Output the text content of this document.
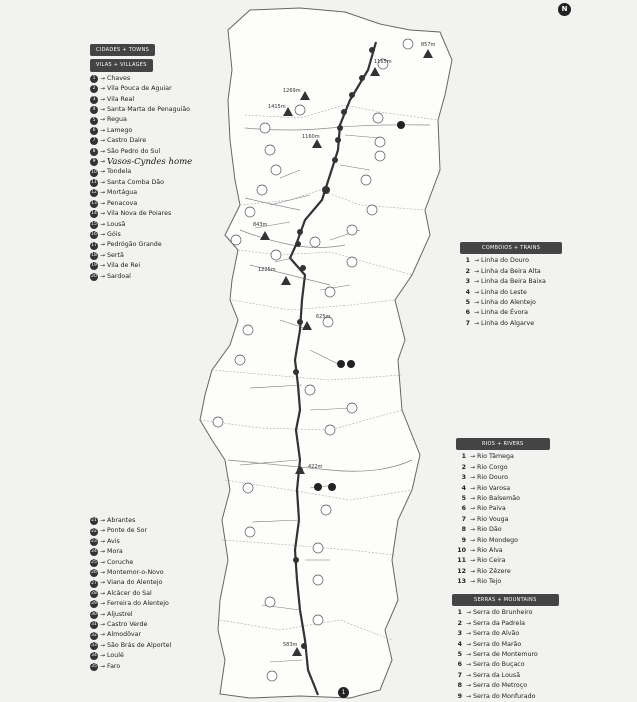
857m
1165m
1269m
1415m
1160m
843m
1225m
625m
422m
583m
N
1
CIDADES + TOWNS
VILAS + VILLAGES
1 → Chaves
2 → Vila Pouca de Aguiar
3 → Vila Real
4 → Santa Marta de Penaguião
5 → Regua
6 → Lamego
7 → Castro Daire
8 → São Pedro do Sul
9 → Vasos-Cyndes home
10 → Tondela
11 → Santa Comba Dão
12 → Mortágua
13 → Penacova
14 → Vila Nova de Poiares
15 → Lousã
16 → Góis
17 → Pedrógão Grande
18 → Sertã
19 → Vila de Rei
20 → Sardoal
21 → Abrantes
22 → Ponte de Sor
23 → Avis
24 → Mora
25 → Coruche
26 → Montemor-o-Novo
27 → Viana do Alentejo
28 → Alcácer do Sal
29 → Ferreira do Alentejo
30 → Aljustrel
31 → Castro Verde
32 → Almodôvar
33 → São Brás de Alportel
34 → Loulé
35 → Faro
COMBOIOS + TRAINS
1 → Linha do Douro
2 → Linha da Beira Alta
3 → Linha da Beira Baixa
4 → Linha do Leste
5 → Linha do Alentejo
6 → Linha de Évora
7 → Linha do Algarve
RIOS + RIVERS
1 → Rio Tâmega
2 → Rio Corgo
3 → Rio Douro
4 → Rio Varosa
5 → Rio Balsemão
6 → Rio Paiva
7 → Rio Vouga
8 → Rio Dão
9 → Rio Mondego
10 → Rio Alva
11 → Rio Ceira
12 → Rio Zêzere
13 → Rio Tejo
SERRAS + MOUNTAINS
1 → Serra do Brunheiro
2 → Serra da Padrela
3 → Serra do Alvão
4 → Serra do Marão
5 → Serra de Montemuro
6 → Serra do Buçaco
7 → Serra da Lousã
8 → Serra do Metroço
9 → Serra do Monfurado
